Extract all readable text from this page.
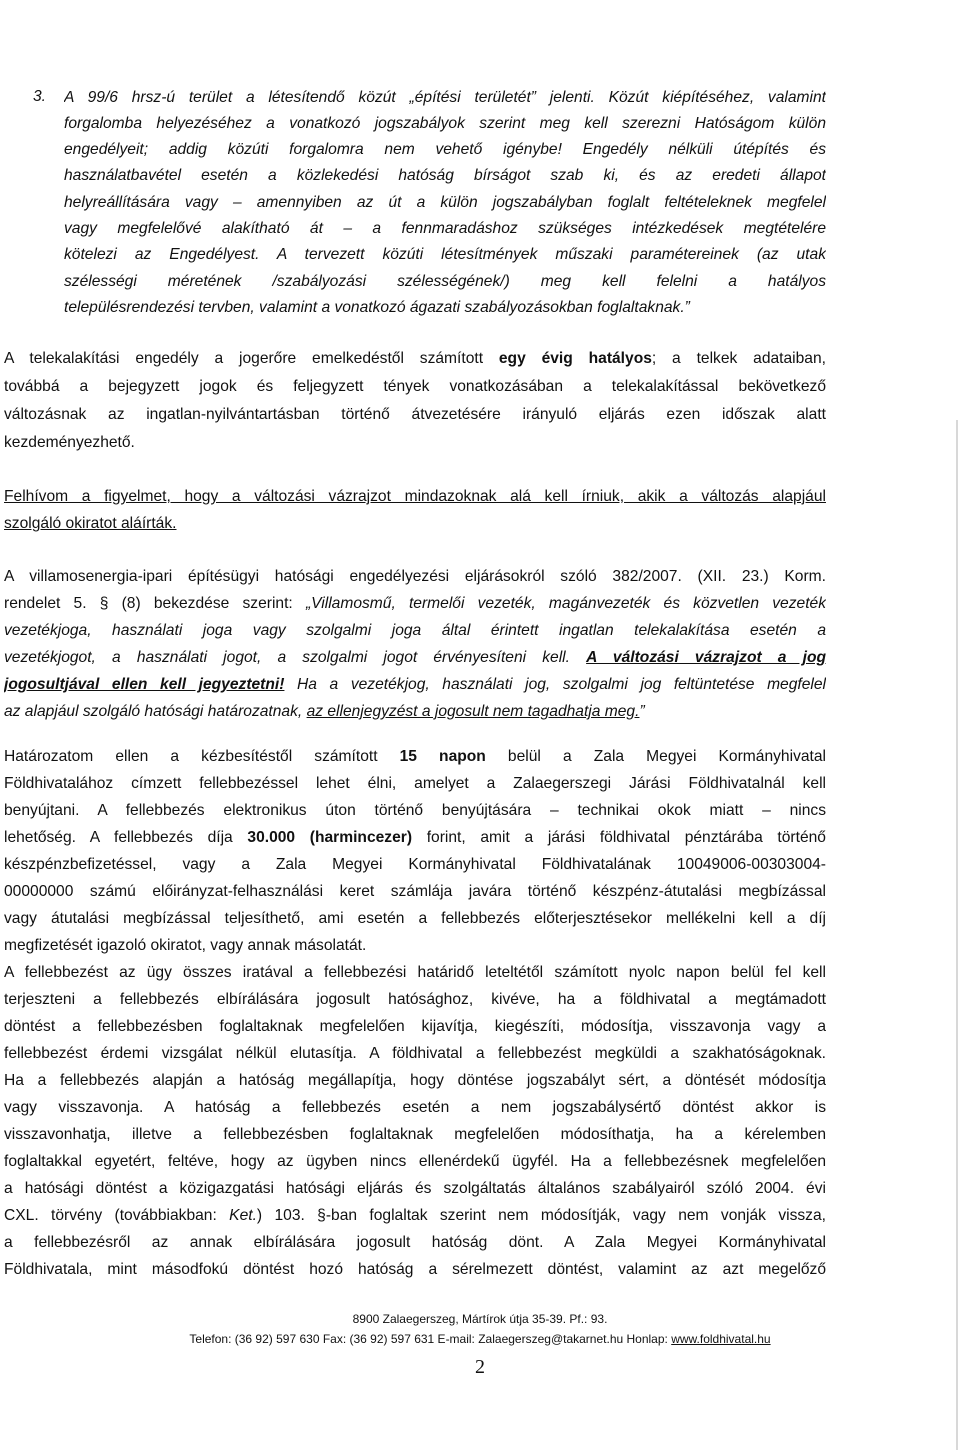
3. A 99/6 hrsz-ú terület a létesítendő közút „építési területét” jelenti. Közút kiépítéséhez, valamint
forgalomba helyezéséhez a vonatkozó jogszabályok szerint meg kell szerezni Hatóságom külön
engedélyeit; addig közúti forgalomra nem vehető igénybe! Engedély nélküli útépítés és
használatbavétel esetén a közlekedési hatóság bírságot szab ki, és az eredeti állapot
helyreállítására vagy – amennyiben az út a külön jogszabályban foglalt feltételeknek megfelel
vagy megfelelővé alakítható át – a fennmaradáshoz szükséges intézkedések megtételére
kötelezi az Engedélyest. A tervezett közúti létesítmények műszaki paramétereinek (az utak
szélességi méretének /szabályozási szélességének/) meg kell felelni a hatályos
településrendezési tervben, valamint a vonatkozó ágazati szabályozásokban foglaltaknak.”
A telekalakítási engedély a jogerőre emelkedéstől számított egy évig hatályos; a telkek adataiban,
továbbá a bejegyzett jogok és feljegyzett tények vonatkozásában a telekalakítással bekövetkező
változásnak az ingatlan-nyilvántartásban történő átvezetésére irányuló eljárás ezen időszak alatt
kezdeményezhető.
Felhívom a figyelmet, hogy a változási vázrajzot mindazoknak alá kell írniuk, akik a változás alapjául
szolgáló okiratot aláírták.
A villamosenergia-ipari építésügyi hatósági engedélyezési eljárásokról szóló 382/2007. (XII. 23.) Korm.
rendelet 5. § (8) bekezdése szerint: „Villamosmű, termelői vezeték, magánvezeték és közvetlen vezeték
vezetékjoga, használati joga vagy szolgalmi joga által érintett ingatlan telekalakítása esetén a
vezetékjogot, a használati jogot, a szolgalmi jogot érvényesíteni kell. A változási vázrajzot a jog
jogosultjával ellen kell jegyeztetni! Ha a vezetékjog, használati jog, szolgalmi jog feltüntetése megfelel
az alapjául szolgáló hatósági határozatnak, az ellenjegyzést a jogosult nem tagadhatja meg.”
Határozatom ellen a kézbesítéstől számított 15 napon belül a Zala Megyei Kormányhivatal
Földhivatalához címzett fellebbezéssel lehet élni, amelyet a Zalaegerszegi Járási Földhivatalnál kell
benyújtani. A fellebbezés elektronikus úton történő benyújtására – technikai okok miatt – nincs
lehetőség. A fellebbezés díja 30.000 (harmincezer) forint, amit a járási földhivatal pénztárába történő
készpénzbefizetéssel, vagy a Zala Megyei Kormányhivatal Földhivatalának 10049006-00303004-
00000000 számú előirányzat-felhasználási keret számlája javára történő készpénz-átutalási megbízással
vagy átutalási megbízással teljesíthető, ami esetén a fellebbezés előterjesztésekor mellékelni kell a díj
megfizetését igazoló okiratot, vagy annak másolatát.
A fellebbezést az ügy összes iratával a fellebbezési határidő leteltétől számított nyolc napon belül fel kell
terjeszteni a fellebbezés elbírálására jogosult hatósághoz, kivéve, ha a földhivatal a megtámadott
döntést a fellebbezésben foglaltaknak megfelelően kijavítja, kiegészíti, módosítja, visszavonja vagy a
fellebbezést érdemi vizsgálat nélkül elutasítja. A földhivatal a fellebbezést megküldi a szakhatóságoknak.
Ha a fellebbezés alapján a hatóság megállapítja, hogy döntése jogszabályt sért, a döntését módosítja
vagy visszavonja. A hatóság a fellebbezés esetén a nem jogszabálysértő döntést akkor is
visszavonhatja, illetve a fellebbezésben foglaltaknak megfelelően módosíthatja, ha a kérelemben
foglaltakkal egyetért, feltéve, hogy az ügyben nincs ellenérdekű ügyfél. Ha a fellebbezésnek megfelelően
a hatósági döntést a közigazgatási hatósági eljárás és szolgáltatás általános szabályairól szóló 2004. évi
CXL. törvény (továbbiakban: Ket.) 103. §-ban foglaltak szerint nem módosítják, vagy nem vonják vissza,
a fellebbezésről az annak elbírálására jogosult hatóság dönt. A Zala Megyei Kormányhivatal
Földhivatala, mint másodfokú döntést hozó hatóság a sérelmezett döntést, valamint az azt megelőző
8900 Zalaegerszeg, Mártírok útja 35-39. Pf.: 93.
Telefon: (36 92) 597 630 Fax: (36 92) 597 631 E-mail: Zalaegerszeg@takarnet.hu Honlap: www.foldhivatal.hu
2
